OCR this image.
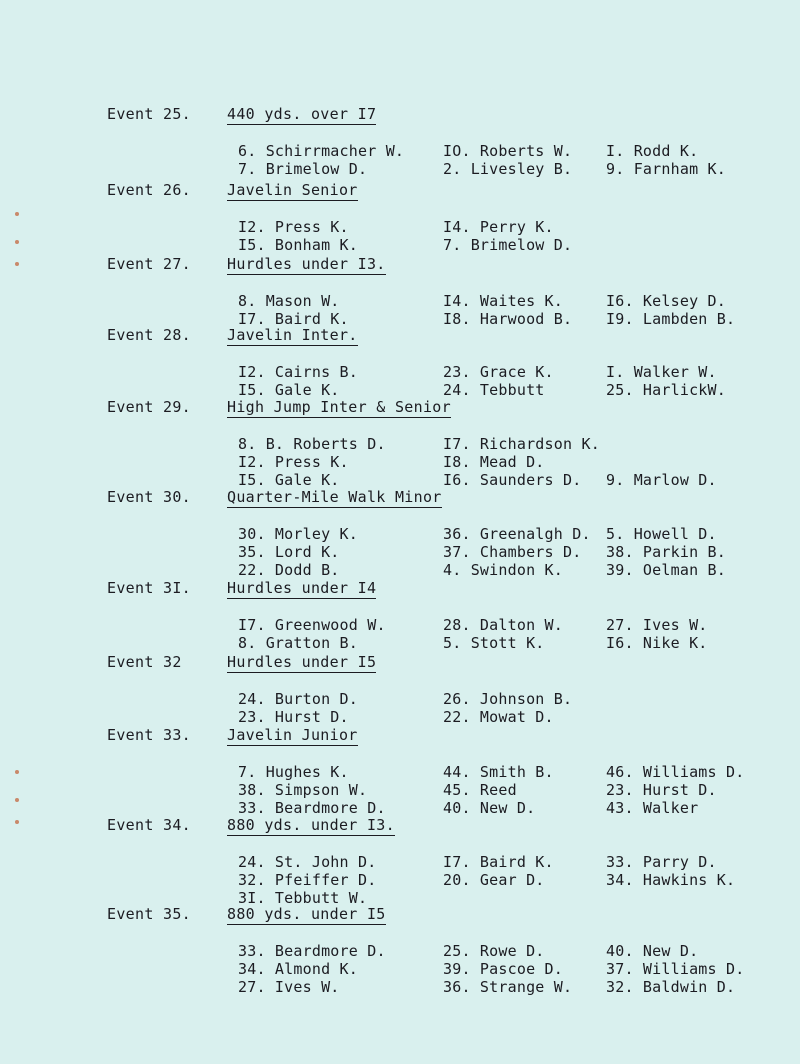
Event 25. 440 yds. over I7
6. Schirrmacher W.	IO. Roberts W. I. Rodd K.
7. Brimelow D.	2. Livesley B. 9. Farnham K.
Event 26. Javelin Senior
I2. Press K.	I4. Perry K.
I5. Bonham K.	7. Brimelow D.
Event 27. Hurdles under I3.
8. Mason W.	I4. Waites K.	I6. Kelsey D.
I7. Baird K.	I8. Harwood B. I9. Lambden B.
Event 28. Javelin Inter.
I2. Cairns B.	23. Grace K.	I. Walker W.
I5. Gale K.	24. Tebbutt	25. HarlickW.
Event 29. High Jump Inter & Senior
8. B. Roberts D.	I7. Richardson K.
I2. Press K.	I8. Mead D.
I5. Gale K.	I6. Saunders D. 9. Marlow D.
Event 30. Quarter-Mile Walk Minor
30. Morley K.	36. Greenalgh D. 5. Howell D.
35. Lord K.	37. Chambers D. 38. Parkin B.
22. Dodd B.	4. Swindon K.	39. Oelman B.
Event 3I. Hurdles under I4
I7. Greenwood W.	28. Dalton W.	27. Ives W.
8. Gratton B.	5. Stott K.	I6. Nike K.
Event 32	Hurdles under I5
24. Burton D.	26. Johnson B.
23. Hurst D.	22. Mowat D.
Event 33. Javelin Junior
7. Hughes K.	44. Smith B.	46. Williams D.
38. Simpson W.	45. Reed	23. Hurst D.
33. Beardmore D.	40. New D.	43. Walker
Event 34. 880 yds. under I3.
24. St. John D.	I7. Baird K.	33. Parry D.
32. Pfeiffer D.	20. Gear D.	34. Hawkins K.
3I. Tebbutt W.
Event 35. 880 yds. under I5
33. Beardmore D.	25. Rowe D.	40. New D.
34. Almond K.	39. Pascoe D.	37. Williams D.
27. Ives W.	36. Strange W. 32. Baldwin D.
